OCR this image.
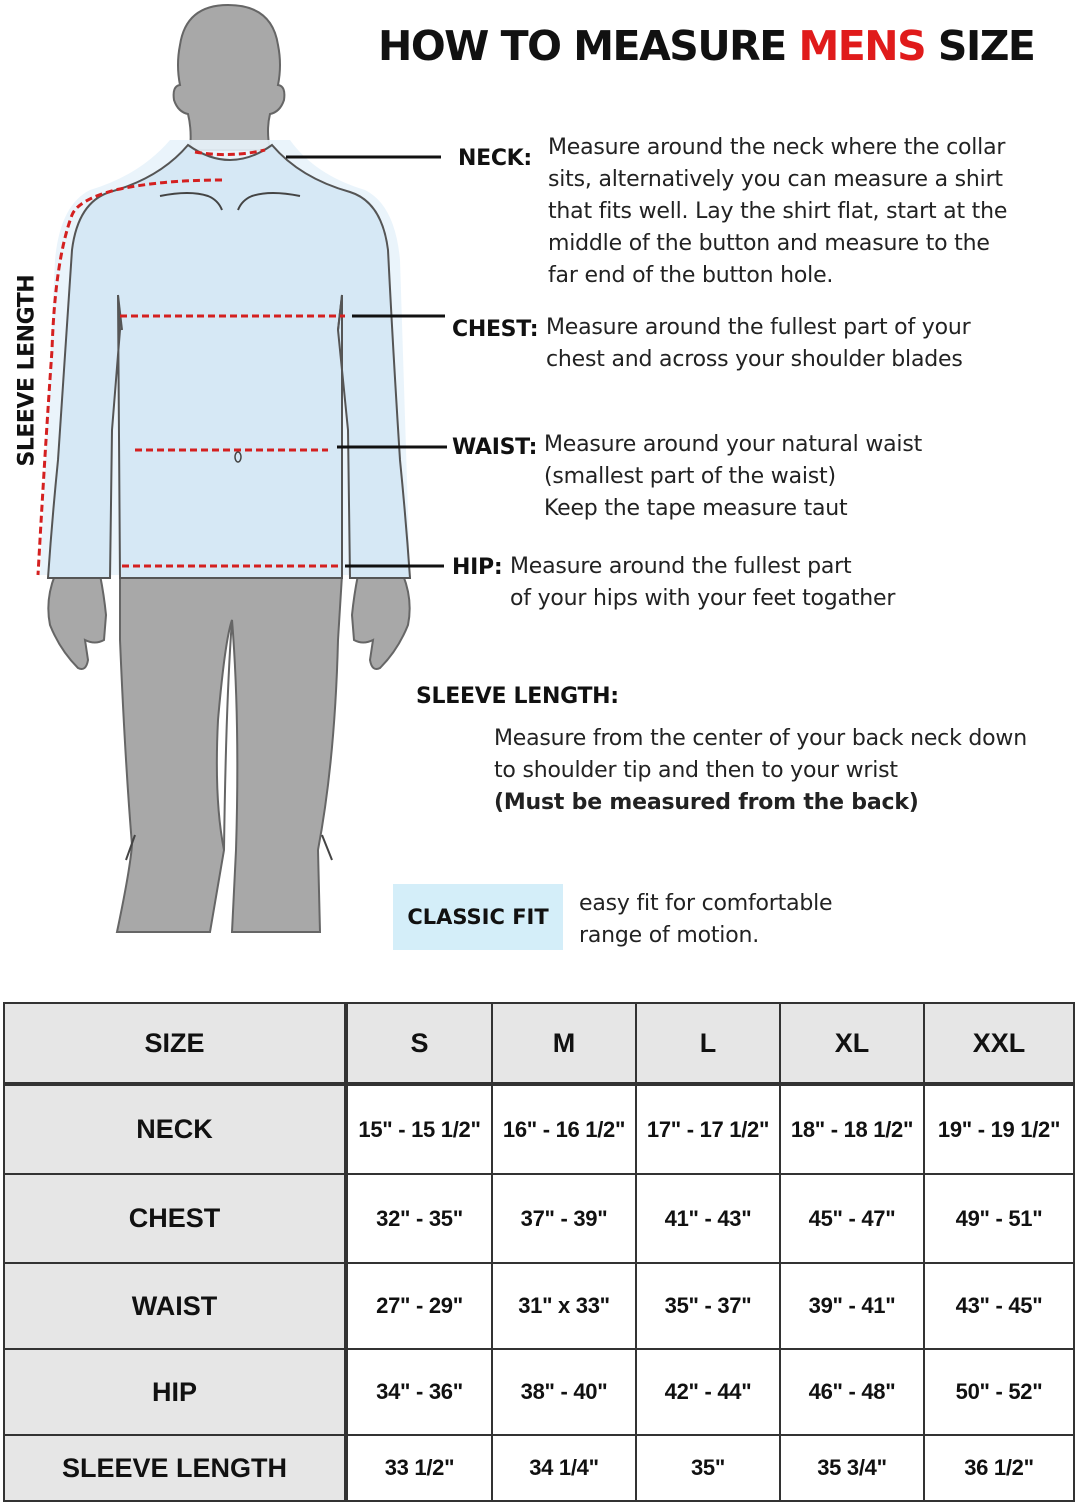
SLEEVE LENGTH
HOW TO MEASURE MENS SIZE
NECK: Measure around the neck where the collar
sits, alternatively you can measure a shirt
that fits well. Lay the shirt flat, start at the
middle of the button and measure to the
far end of the button hole.
CHEST: Measure around the fullest part of your
chest and across your shoulder blades
WAIST: Measure around your natural waist
(smallest part of the waist)
Keep the tape measure taut
HIP: Measure around the fullest part
of your hips with your feet togather
SLEEVE LENGTH:
Measure from the center of your back neck down
to shoulder tip and then to your wrist
(Must be measured from the back)
CLASSIC FIT
easy fit for comfortable
range of motion.
SIZE	S	M	L	XL	XXL
NECK	15" - 15 1/2"	16" - 16 1/2"	17" - 17 1/2"	18" - 18 1/2"	19" - 19 1/2"
CHEST	32" - 35"	37" - 39"	41" - 43"	45" - 47"	49" - 51"
WAIST	27" - 29"	31" x 33"	35" - 37"	39" - 41"	43" - 45"
HIP	34" - 36"	38" - 40"	42" - 44"	46" - 48"	50" - 52"
SLEEVE LENGTH	33 1/2"	34 1/4"	35"	35 3/4"	36 1/2"
